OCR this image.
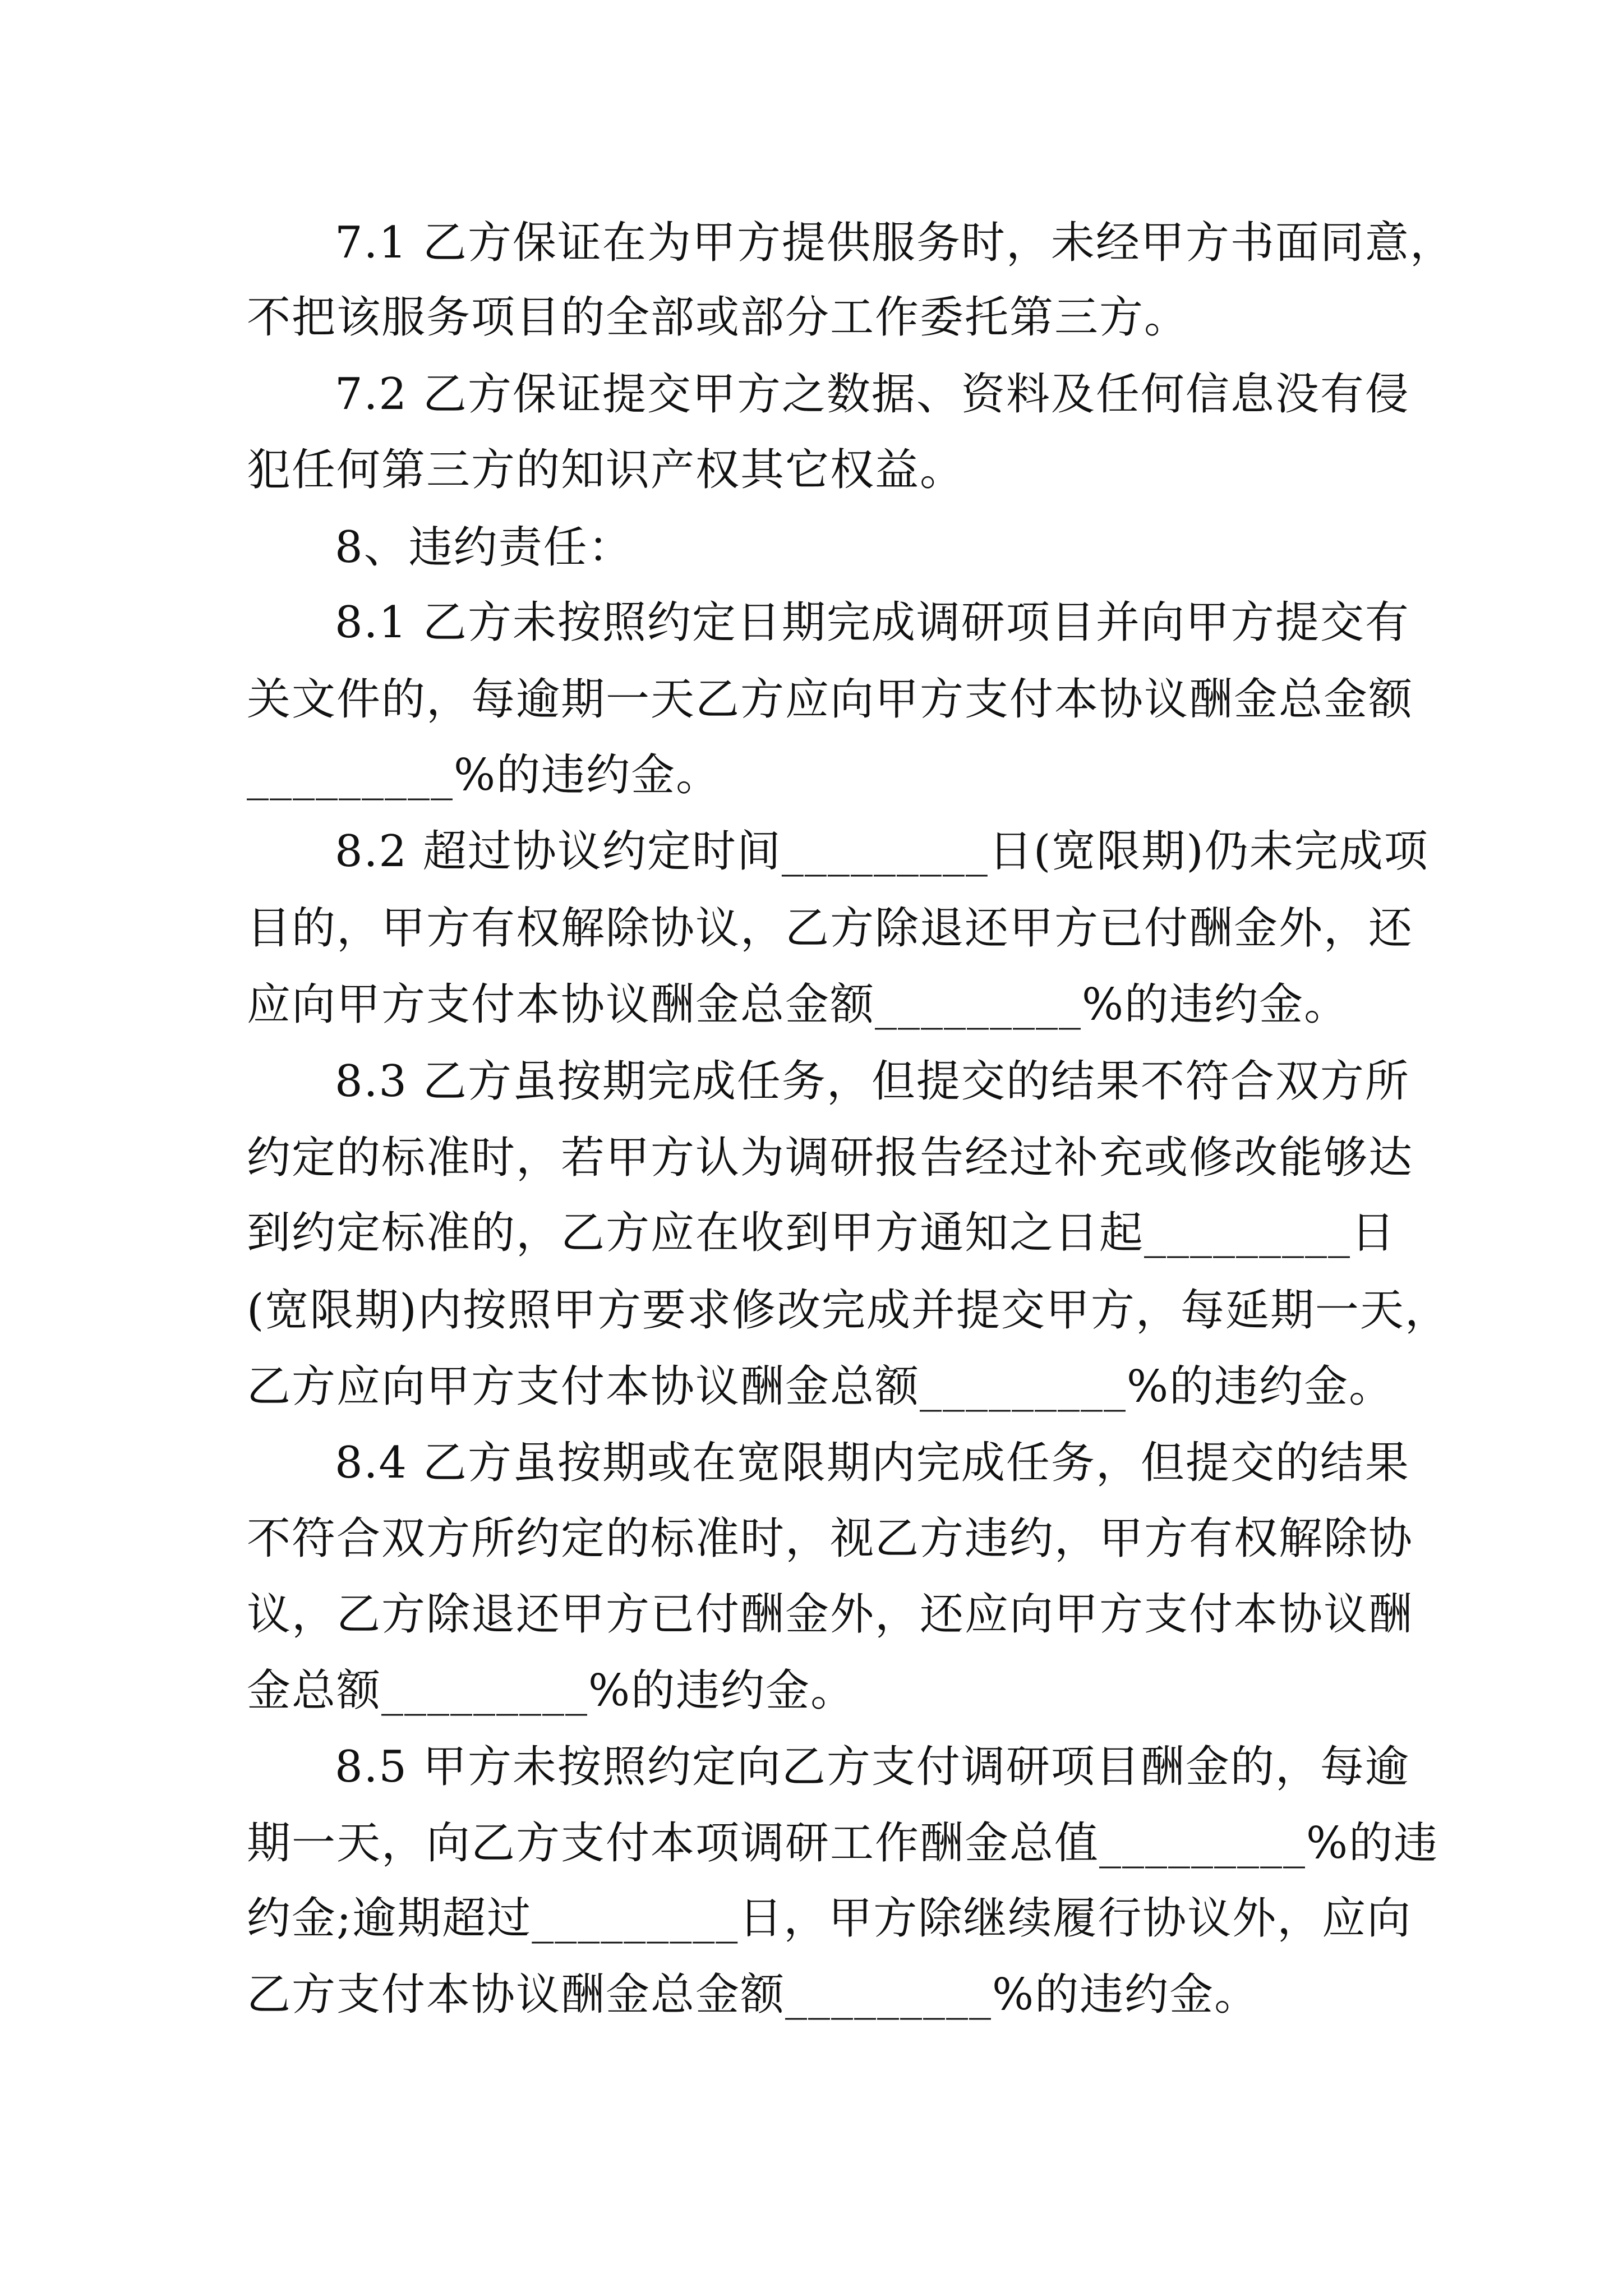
7.1 乙方保证在为甲方提供服务时，未经甲方书面同意，
不把该服务项目的全部或部分工作委托第三方。
7.2 乙方保证提交甲方之数据、资料及任何信息没有侵
犯任何第三方的知识产权其它权益。
8、违约责任：
8.1 乙方未按照约定日期完成调研项目并向甲方提交有
关文件的，每逾期一天乙方应向甲方支付本协议酬金总金额
_________%的违约金。
8.2 超过协议约定时间_________日(宽限期)仍未完成项
目的，甲方有权解除协议，乙方除退还甲方已付酬金外，还
应向甲方支付本协议酬金总金额_________%的违约金。
8.3 乙方虽按期完成任务，但提交的结果不符合双方所
约定的标准时，若甲方认为调研报告经过补充或修改能够达
到约定标准的，乙方应在收到甲方通知之日起_________日
(宽限期)内按照甲方要求修改完成并提交甲方，每延期一天，
乙方应向甲方支付本协议酬金总额_________%的违约金。
8.4 乙方虽按期或在宽限期内完成任务，但提交的结果
不符合双方所约定的标准时，视乙方违约，甲方有权解除协
议，乙方除退还甲方已付酬金外，还应向甲方支付本协议酬
金总额_________%的违约金。
8.5 甲方未按照约定向乙方支付调研项目酬金的，每逾
期一天，向乙方支付本项调研工作酬金总值_________%的违
约金;逾期超过_________日，甲方除继续履行协议外，应向
乙方支付本协议酬金总金额_________%的违约金。
